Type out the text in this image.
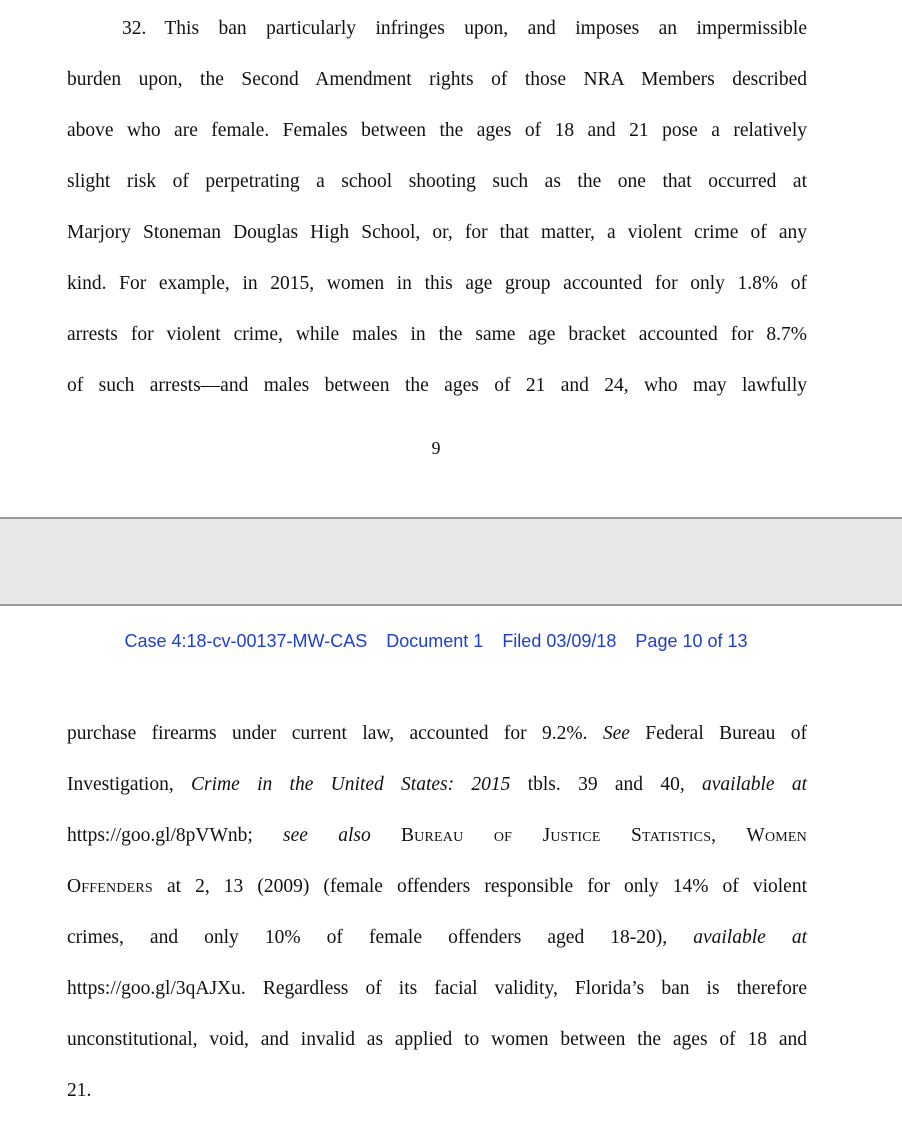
32. This ban particularly infringes upon, and imposes an impermissible
burden upon, the Second Amendment rights of those NRA Members described
above who are female. Females between the ages of 18 and 21 pose a relatively
slight risk of perpetrating a school shooting such as the one that occurred at
Marjory Stoneman Douglas High School, or, for that matter, a violent crime of any
kind. For example, in 2015, women in this age group accounted for only 1.8% of
arrests for violent crime, while males in the same age bracket accounted for 8.7%
of such arrests—and males between the ages of 21 and 24, who may lawfully

9
Case 4:18-cv-00137-MW-CAS Document 1 Filed 03/09/18 Page 10 of 13

purchase firearms under current law, accounted for 9.2%. See Federal Bureau of
Investigation, Crime in the United States: 2015 tbls. 39 and 40, available at
https://goo.gl/8pVWnb; see also Bureau of Justice Statistics, Women
Offenders at 2, 13 (2009) (female offenders responsible for only 14% of violent
crimes, and only 10% of female offenders aged 18-20), available at
https://goo.gl/3qAJXu. Regardless of its facial validity, Florida’s ban is therefore
unconstitutional, void, and invalid as applied to women between the ages of 18 and
21.
